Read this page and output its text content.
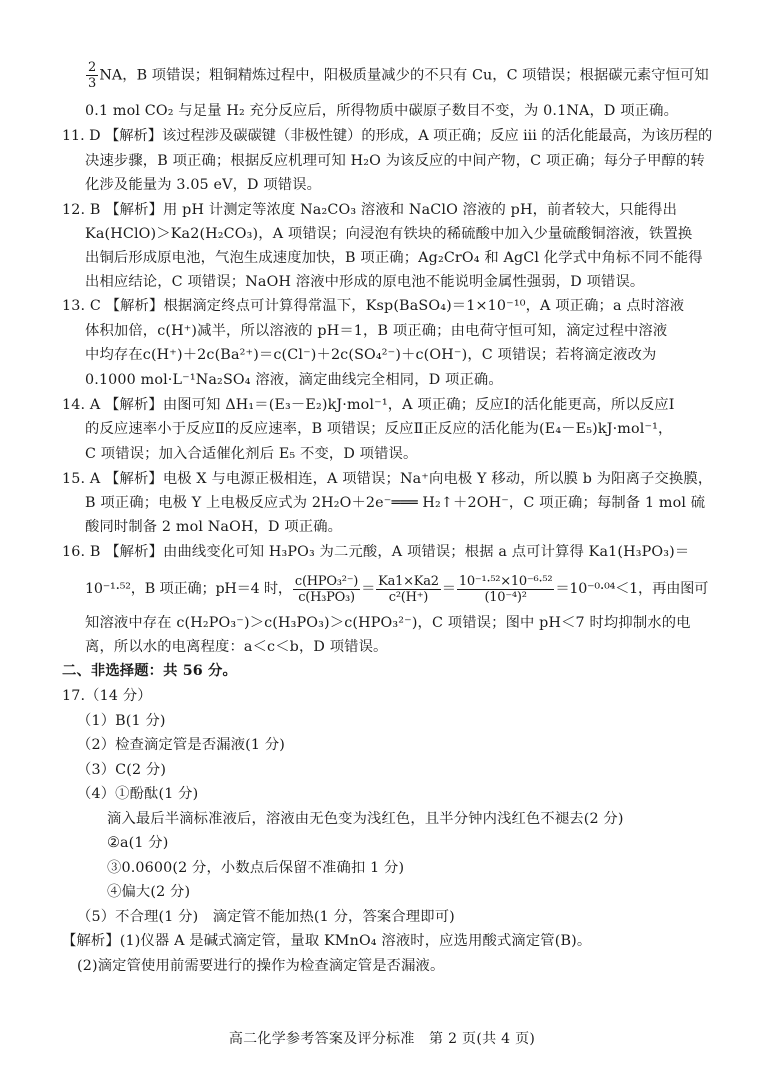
$\frac{2}{3}$ NA，B 项错误；粗铜精炼过程中，阳极质量减少的不只有 Cu，C 项错误；根据碳元素守恒可知
0.1 mol CO₂ 与足量 H₂ 充分反应后，所得物质中碳原子数目不变，为 0.1NA，D 项正确。
11. D 【解析】该过程涉及碳碳键（非极性键）的形成，A 项正确；反应 iii 的活化能最高，为该历程的
决速步骤，B 项正确；根据反应机理可知 H₂O 为该反应的中间产物，C 项正确；每分子甲醇的转
化涉及能量为 3.05 eV，D 项错误。
12. B 【解析】用 pH 计测定等浓度 Na₂CO₃ 溶液和 NaClO 溶液的 pH，前者较大，只能得出
Ka(HClO)＞Ka2(H₂CO₃)，A 项错误；向浸泡有铁块的稀硫酸中加入少量硫酸铜溶液，铁置换
出铜后形成原电池，气泡生成速度加快，B 项正确；Ag₂CrO₄ 和 AgCl 化学式中角标不同不能得
出相应结论，C 项错误；NaOH 溶液中形成的原电池不能说明金属性强弱，D 项错误。
13. C 【解析】根据滴定终点可计算得常温下，Ksp(BaSO₄)＝1×10⁻¹⁰，A 项正确；a 点时溶液
体积加倍，c(H⁺)减半，所以溶液的 pH＝1，B 项正确；由电荷守恒可知，滴定过程中溶液
中均存在c(H⁺)＋2c(Ba²⁺)＝c(Cl⁻)＋2c(SO₄²⁻)＋c(OH⁻)，C 项错误；若将滴定液改为
0.1000 mol·L⁻¹Na₂SO₄ 溶液，滴定曲线完全相同，D 项正确。
14. A 【解析】由图可知 ΔH₁＝(E₃－E₂)kJ·mol⁻¹，A 项正确；反应Ⅰ的活化能更高，所以反应Ⅰ
的反应速率小于反应Ⅱ的反应速率，B 项错误；反应Ⅱ正反应的活化能为(E₄－E₅)kJ·mol⁻¹，
C 项错误；加入合适催化剂后 E₅ 不变，D 项错误。
15. A 【解析】电极 X 与电源正极相连，A 项错误；Na⁺向电极 Y 移动，所以膜 b 为阳离子交换膜，
B 项正确；电极 Y 上电极反应式为 2H₂O＋2e⁻═══ H₂↑＋2OH⁻，C 项正确；每制备 1 mol 硫
酸同时制备 2 mol NaOH，D 项正确。
16. B 【解析】由曲线变化可知 H₃PO₃ 为二元酸，A 项错误；根据 a 点可计算得 Ka1(H₃PO₃)＝
10⁻¹·⁵²，B 项正确；pH＝4 时， $\frac{\text{c(HPO₃²⁻)}}{\text{c(H₃PO₃)}} = \frac{Ka1\times Ka2}{\text{c²(H⁺)}} = \frac{\text{10⁻¹·⁵²×10⁻⁶·⁵²}}{\text{(10⁻⁴)²}} =10^{-0}\cdot^{04}<1$，再由图可
知溶液中存在 c(H₂PO₃⁻)＞c(H₃PO₃)＞c(HPO₃²⁻)，C 项错误；图中 pH＜7 时均抑制水的电
离，所以水的电离程度：a＜c＜b，D 项错误。
二、非选择题：共 56 分。
17.（14 分）
（1）B(1 分)
（2）检查滴定管是否漏液(1 分)
（3）C(2 分)
（4）①酚酞(1 分)
滴入最后半滴标准液后，溶液由无色变为浅红色，且半分钟内浅红色不褪去(2 分)
②a(1 分)
③0.0600(2 分，小数点后保留不准确扣 1 分)
④偏大(2 分)
（5）不合理(1 分)　滴定管不能加热(1 分，答案合理即可)
【解析】(1)仪器 A 是碱式滴定管，量取 KMnO₄ 溶液时，应选用酸式滴定管(B)。
(2)滴定管使用前需要进行的操作为检查滴定管是否漏液。
高二化学参考答案及评分标准　第 2 页(共 4 页)
